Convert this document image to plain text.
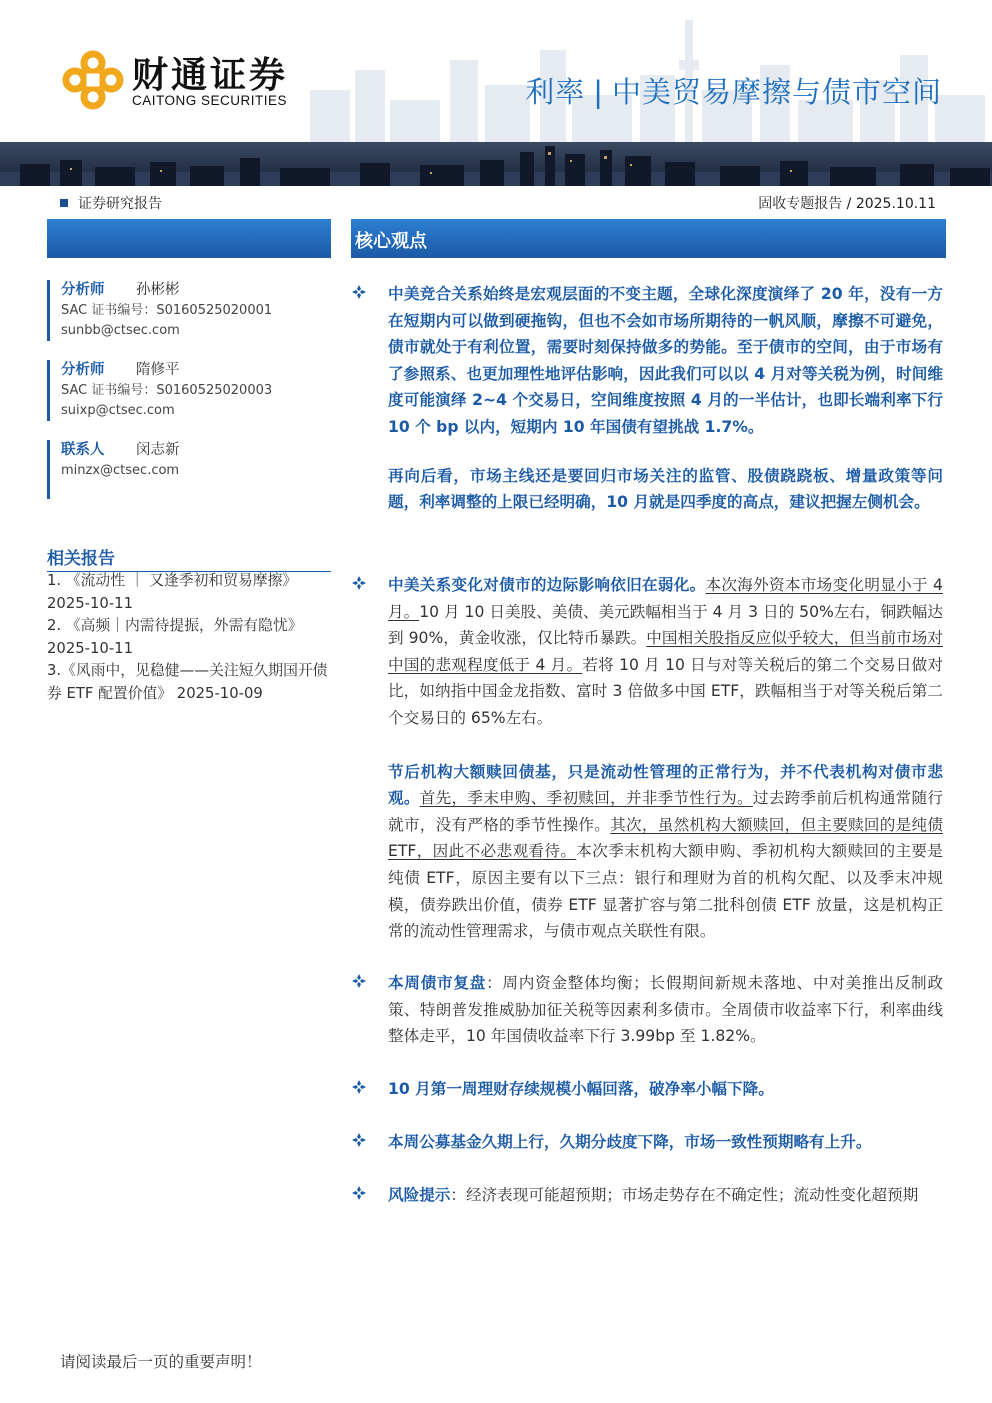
财通证券
CAITONG SECURITIES	利率 | 中美贸易摩擦与债市空间
证券研究报告	固收专题报告 / 2025.10.11
核心观点
分析师 孙彬彬
SAC 证书编号：S0160525020001
sunbb@ctsec.com
分析师 隋修平
SAC 证书编号：S0160525020003
suixp@ctsec.com
联系人 闵志新
minzx@ctsec.com
相关报告
1. 《流动性 ｜ 又逢季初和贸易摩擦》
2025-10-11
2. 《高频｜内需待提振，外需有隐忧》
2025-10-11
3.《风雨中，见稳健——关注短久期国开债
券 ETF 配置价值》 2025-10-09
中美竞合关系始终是宏观层面的不变主题，全球化深度演绎了 20 年，没有一方在短期内可以做到硬拖钩，但也不会如市场所期待的一帆风顺，摩擦不可避免，债市就处于有利位置，需要时刻保持做多的势能。至于债市的空间，由于市场有了参照系、也更加理性地评估影响，因此我们可以以 4 月对等关税为例，时间维度可能演绎 2~4 个交易日，空间维度按照 4 月的一半估计，也即长端利率下行 10 个 bp 以内，短期内 10 年国债有望挑战 1.7%。
再向后看，市场主线还是要回归市场关注的监管、股债跷跷板、增量政策等问题，利率调整的上限已经明确，10 月就是四季度的高点，建议把握左侧机会。
中美关系变化对债市的边际影响依旧在弱化。本次海外资本市场变化明显小于 4 月。10 月 10 日美股、美债、美元跌幅相当于 4 月 3 日的 50%左右，铜跌幅达到 90%，黄金收涨，仅比特币暴跌。中国相关股指反应似乎较大，但当前市场对中国的悲观程度低于 4 月。若将 10 月 10 日与对等关税后的第二个交易日做对比，如纳指中国金龙指数、富时 3 倍做多中国 ETF，跌幅相当于对等关税后第二个交易日的 65%左右。
节后机构大额赎回债基，只是流动性管理的正常行为，并不代表机构对债市悲观。首先，季末申购、季初赎回，并非季节性行为。过去跨季前后机构通常随行就市，没有严格的季节性操作。其次，虽然机构大额赎回，但主要赎回的是纯债 ETF，因此不必悲观看待。本次季末机构大额申购、季初机构大额赎回的主要是纯债 ETF，原因主要有以下三点：银行和理财为首的机构欠配、以及季末冲规模，债券跌出价值，债券 ETF 显著扩容与第二批科创债 ETF 放量，这是机构正常的流动性管理需求，与债市观点关联性有限。
本周债市复盘：周内资金整体均衡；长假期间新规未落地、中对美推出反制政策、特朗普发推威胁加征关税等因素利多债市。全周债市收益率下行，利率曲线整体走平，10 年国债收益率下行 3.99bp 至 1.82%。
10 月第一周理财存续规模小幅回落，破净率小幅下降。
本周公募基金久期上行，久期分歧度下降，市场一致性预期略有上升。
风险提示：经济表现可能超预期；市场走势存在不确定性；流动性变化超预期
请阅读最后一页的重要声明！
